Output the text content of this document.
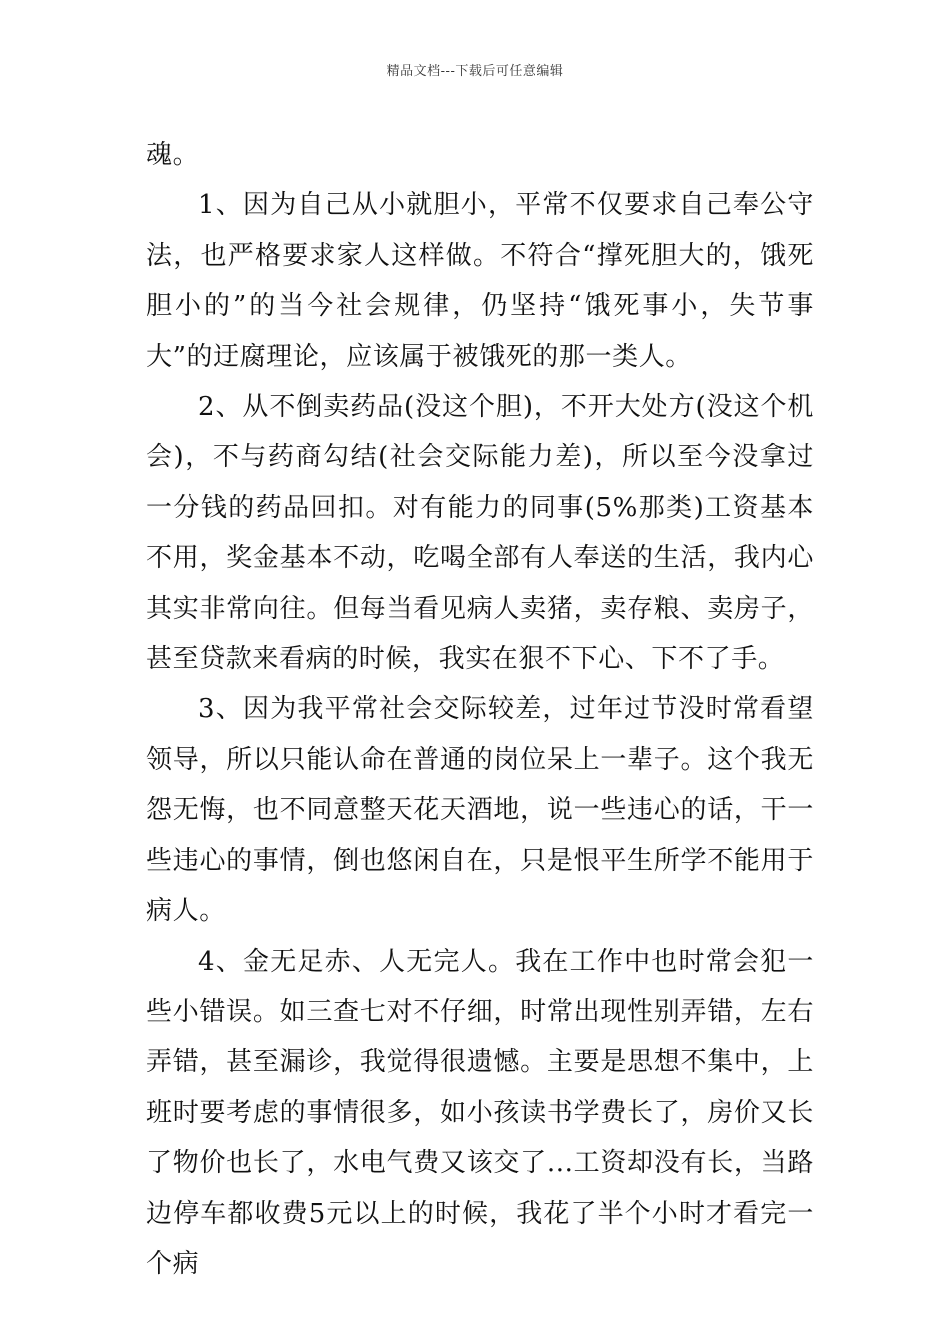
精品文档---下载后可任意编辑

魂。

1、因为自己从小就胆小，平常不仅要求自己奉公守法，也严格要求家人这样做。不符合“撑死胆大的，饿死胆小的”的当今社会规律，仍坚持“饿死事小，失节事大”的迂腐理论，应该属于被饿死的那一类人。

2、从不倒卖药品(没这个胆)，不开大处方(没这个机会)，不与药商勾结(社会交际能力差)，所以至今没拿过一分钱的药品回扣。对有能力的同事(5%那类)工资基本不用，奖金基本不动，吃喝全部有人奉送的生活，我内心其实非常向往。但每当看见病人卖猪，卖存粮、卖房子，甚至贷款来看病的时候，我实在狠不下心、下不了手。

3、因为我平常社会交际较差，过年过节没时常看望领导，所以只能认命在普通的岗位呆上一辈子。这个我无怨无悔，也不同意整天花天酒地，说一些违心的话，干一些违心的事情，倒也悠闲自在，只是恨平生所学不能用于病人。

4、金无足赤、人无完人。我在工作中也时常会犯一些小错误。如三查七对不仔细，时常出现性别弄错，左右弄错，甚至漏诊，我觉得很遗憾。主要是思想不集中，上班时要考虑的事情很多，如小孩读书学费长了，房价又长了物价也长了，水电气费又该交了...工资却没有长，当路边停车都收费5元以上的时候，我花了半个小时才看完一个病
